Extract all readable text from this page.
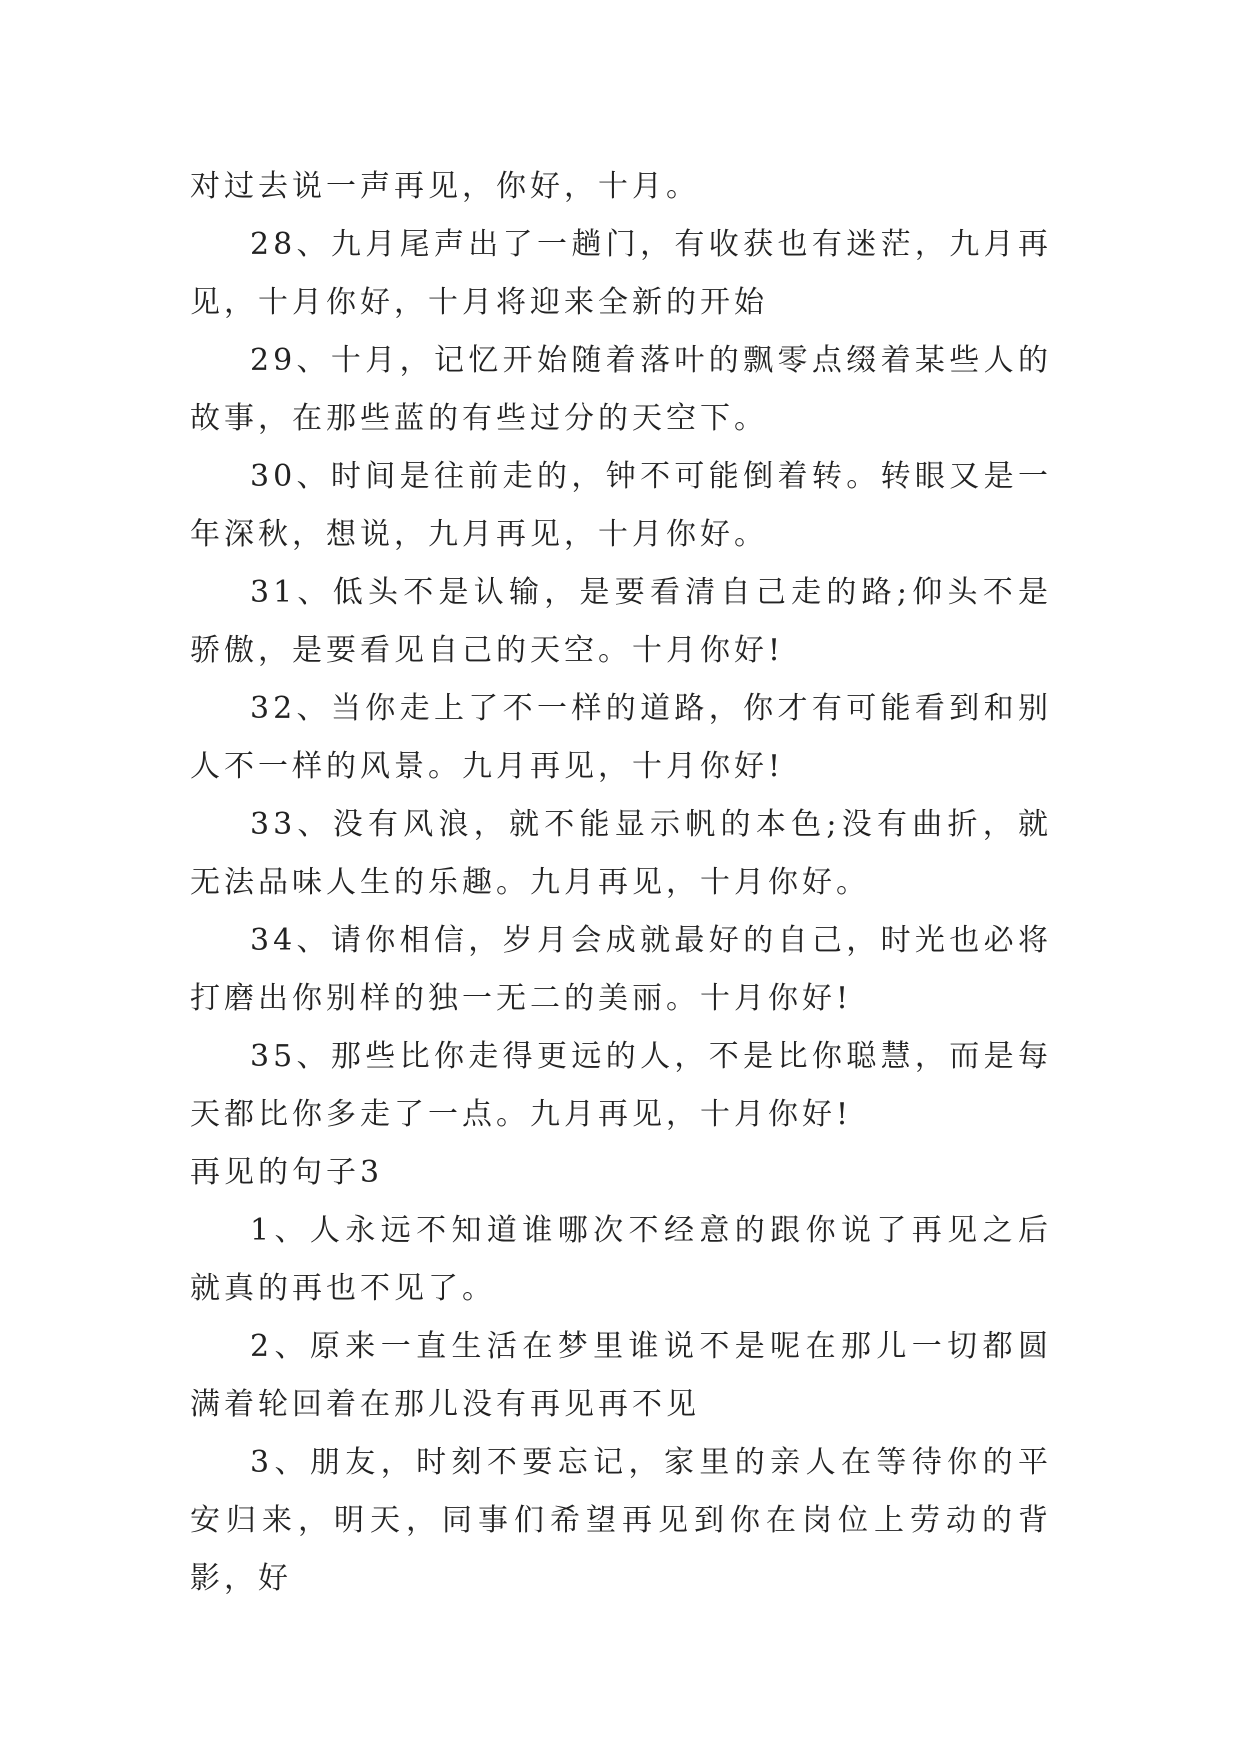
对过去说一声再见，你好，十月。

28、九月尾声出了一趟门，有收获也有迷茫，九月再见，十月你好，十月将迎来全新的开始

29、十月，记忆开始随着落叶的飘零点缀着某些人的故事，在那些蓝的有些过分的天空下。

30、时间是往前走的，钟不可能倒着转。转眼又是一年深秋，想说，九月再见，十月你好。

31、低头不是认输，是要看清自己走的路;仰头不是骄傲，是要看见自己的天空。十月你好!

32、当你走上了不一样的道路，你才有可能看到和别人不一样的风景。九月再见，十月你好!

33、没有风浪，就不能显示帆的本色;没有曲折，就无法品味人生的乐趣。九月再见，十月你好。

34、请你相信，岁月会成就最好的自己，时光也必将打磨出你别样的独一无二的美丽。十月你好!

35、那些比你走得更远的人，不是比你聪慧，而是每天都比你多走了一点。九月再见，十月你好!

再见的句子3

1、人永远不知道谁哪次不经意的跟你说了再见之后就真的再也不见了。

2、原来一直生活在梦里谁说不是呢在那儿一切都圆满着轮回着在那儿没有再见再不见

3、朋友，时刻不要忘记，家里的亲人在等待你的平安归来，明天，同事们希望再见到你在岗位上劳动的背影，好
